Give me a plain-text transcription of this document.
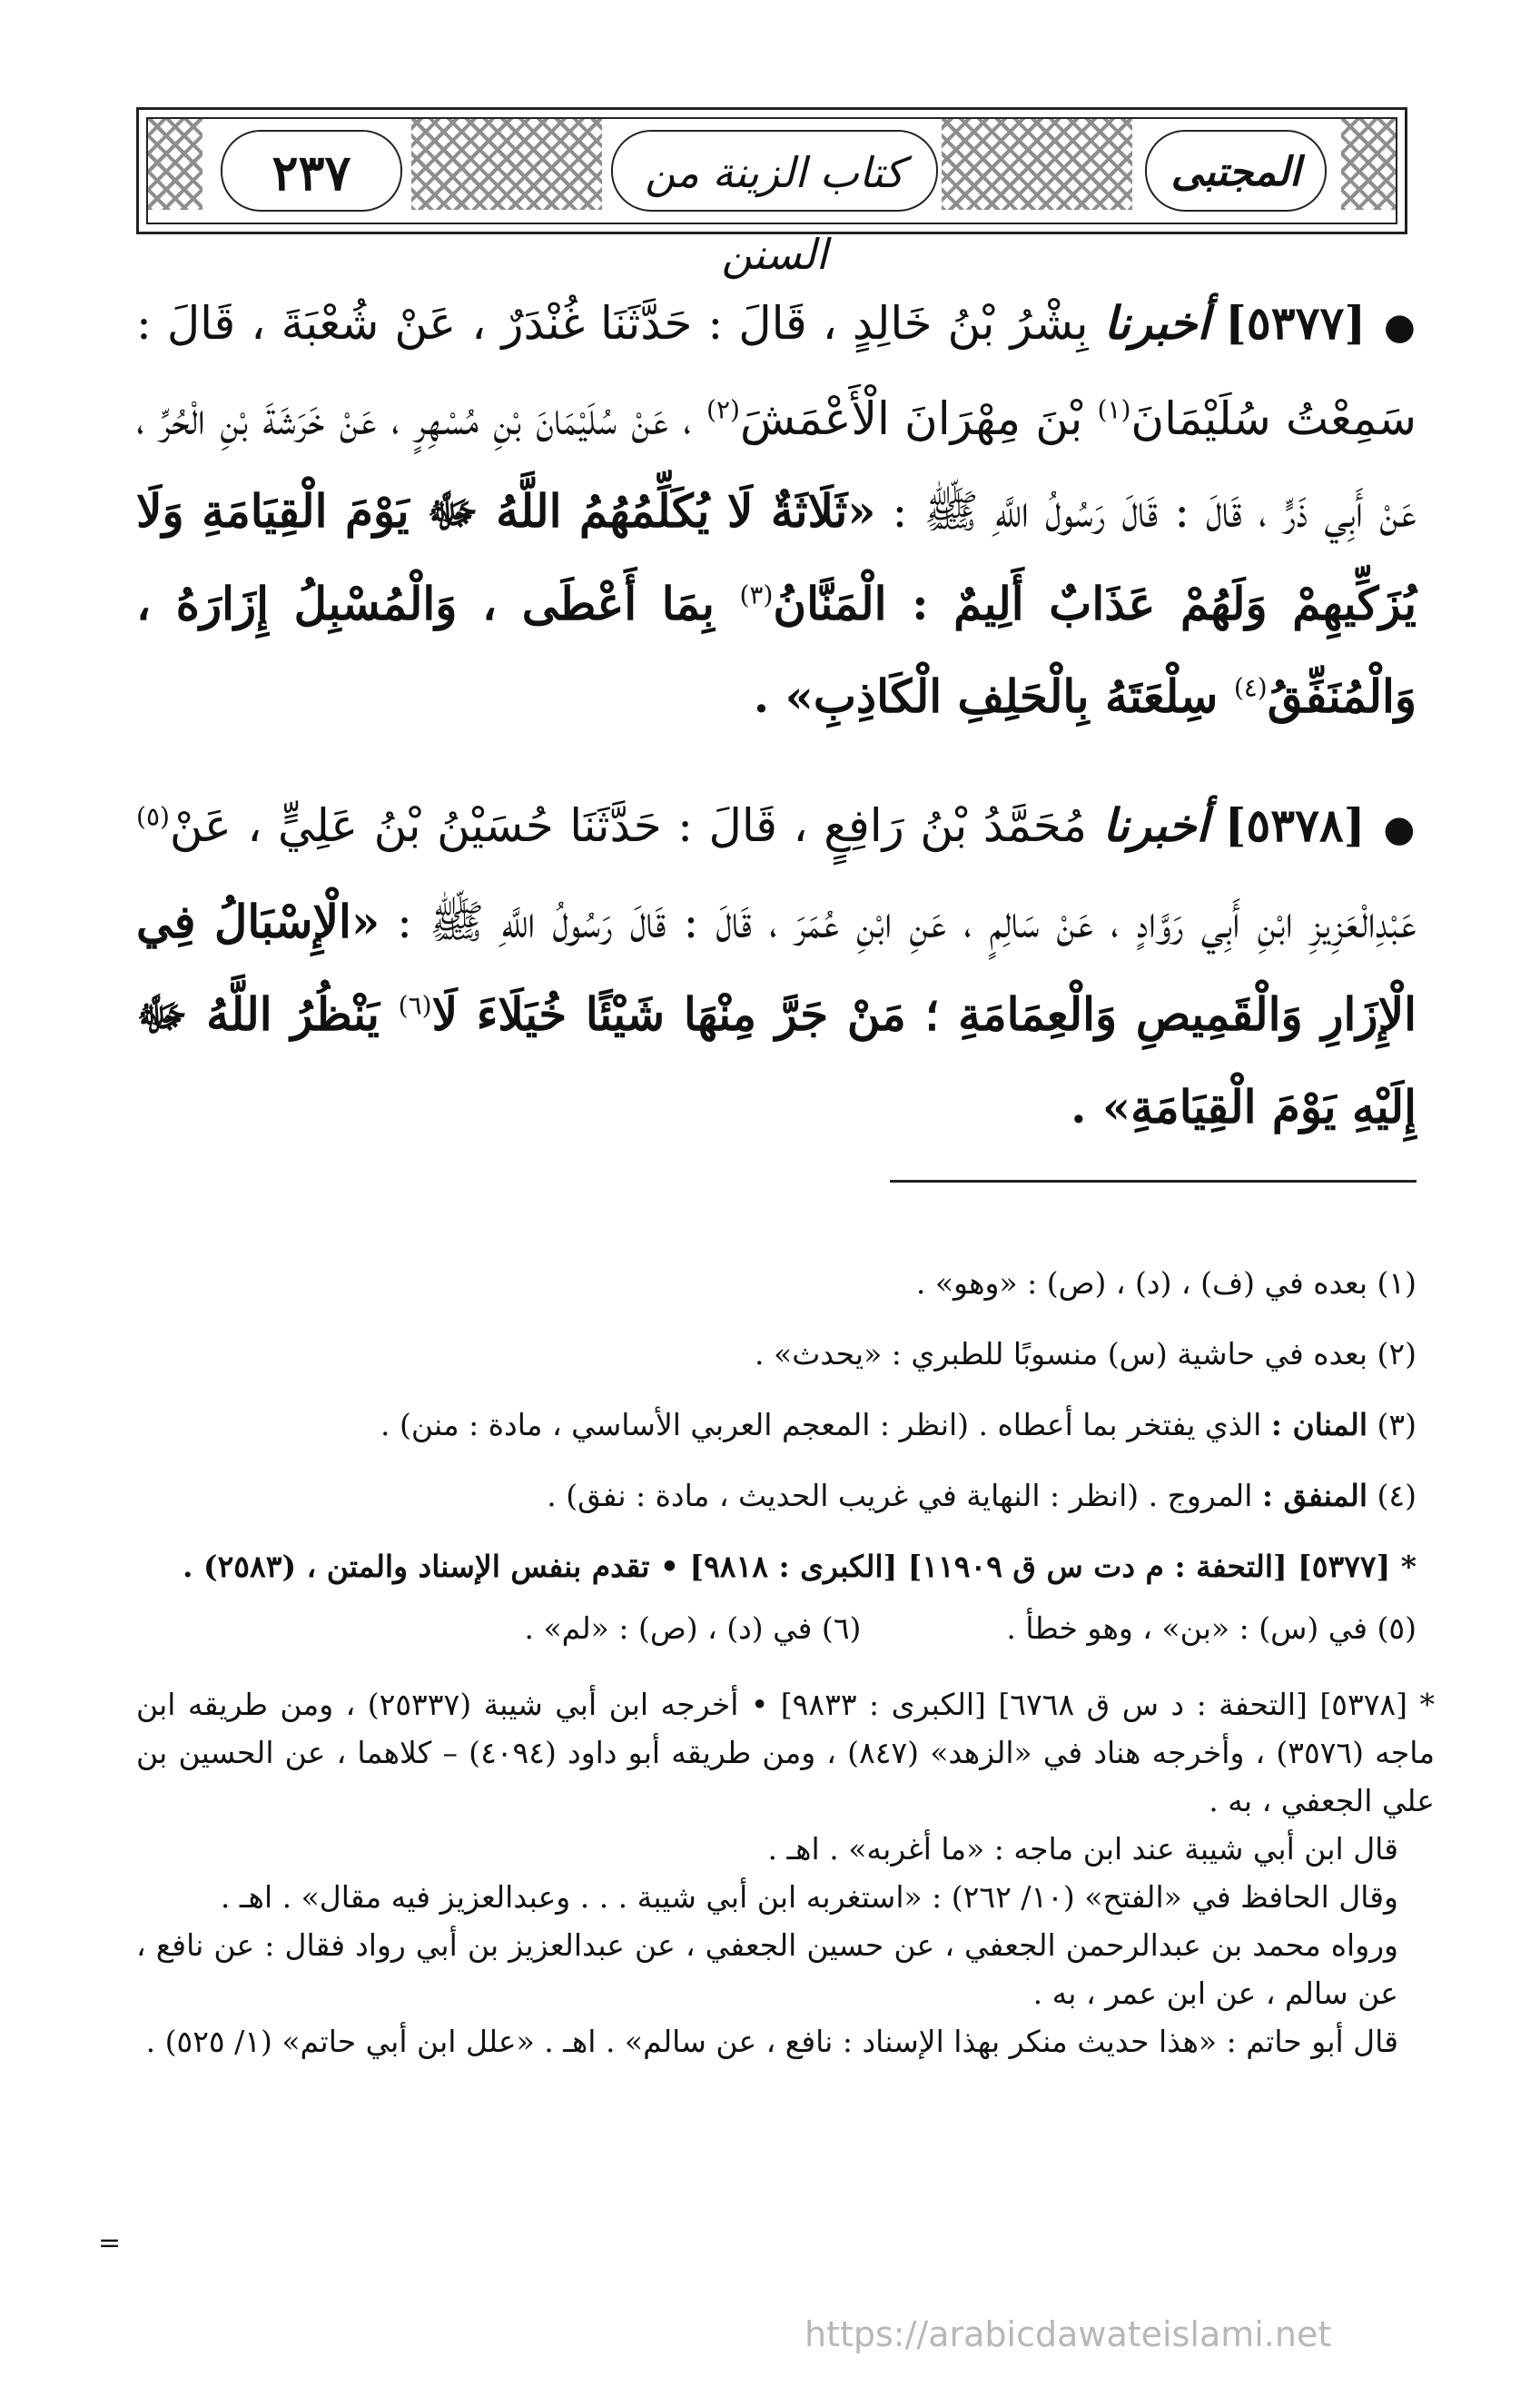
٢٣٧	كتاب الزينة من السنن
المجتبى
●[٥٣٧٧] أخبرنا بِشْرُ بْنُ خَالِدٍ ، قَالَ : حَدَّثَنَا غُنْدَرٌ ، عَنْ شُعْبَةَ ، قَالَ : سَمِعْتُ سُلَيْمَانَ$^{(١)}$ بْنَ مِهْرَانَ الْأَعْمَشَ$^{(٢)}$ ، عَنْ سُلَيْمَانَ بْنِ مُسْهِرٍ ، عَنْ خَرَشَةَ بْنِ الْحُرِّ ، عَنْ أَبِي ذَرٍّ ، قَالَ : قَالَ رَسُولُ اللَّهِ ﷺ : «ثَلَاثَةٌ لَا يُكَلِّمُهُمُ اللَّهُ ﷻ يَوْمَ الْقِيَامَةِ وَلَا يُزَكِّيهِمْ وَلَهُمْ عَذَابٌ أَلِيمٌ : الْمَنَّانُ$^{(٣)}$ بِمَا أَعْطَى ، وَالْمُسْبِلُ إِزَارَهُ ، وَالْمُنَفِّقُ$^{(٤)}$ سِلْعَتَهُ بِالْحَلِفِ الْكَاذِبِ» .
●[٥٣٧٨] أخبرنا مُحَمَّدُ بْنُ رَافِعٍ ، قَالَ : حَدَّثَنَا حُسَيْنُ بْنُ عَلِيٍّ ، عَنْ$^{(٥)}$ عَبْدِالْعَزِيزِ ابْنِ أَبِي رَوَّادٍ ، عَنْ سَالِمٍ ، عَنِ ابْنِ عُمَرَ ، قَالَ : قَالَ رَسُولُ اللَّهِ ﷺ : «الْإِسْبَالُ فِي الْإِزَارِ وَالْقَمِيصِ وَالْعِمَامَةِ ؛ مَنْ جَرَّ مِنْهَا شَيْئًا خُيَلَاءَ لَا$^{(٦)}$ يَنْظُرُ اللَّهُ ﷻ إِلَيْهِ يَوْمَ الْقِيَامَةِ» .
(١) بعده في (ف) ، (د) ، (ص) : «وهو» .
(٢) بعده في حاشية (س) منسوبًا للطبري : «يحدث» .
(٣) المنان : الذي يفتخر بما أعطاه . (انظر : المعجم العربي الأساسي ، مادة : منن) .
(٤) المنفق : المروج . (انظر : النهاية في غريب الحديث ، مادة : نفق) .
* [٥٣٧٧] [التحفة : م دت س ق ١١٩٠٩] [الكبرى : ٩٨١٨] • تقدم بنفس الإسناد والمتن ، (٢٥٨٣) .
(٥) في (س) : «بن» ، وهو خطأ .
(٦) في (د) ، (ص) : «لم» .
* [٥٣٧٨] [التحفة : د س ق ٦٧٦٨] [الكبرى : ٩٨٣٣] • أخرجه ابن أبي شيبة (٢٥٣٣٧) ، ومن طريقه ابن ماجه (٣٥٧٦) ، وأخرجه هناد في «الزهد» (٨٤٧) ، ومن طريقه أبو داود (٤٠٩٤) – كلاهما ، عن الحسين بن علي الجعفي ، به .
قال ابن أبي شيبة عند ابن ماجه : «ما أغربه» . اهـ .
وقال الحافظ في «الفتح» (١٠/ ٢٦٢) : «استغربه ابن أبي شيبة . . . وعبدالعزيز فيه مقال» . اهـ .
ورواه محمد بن عبدالرحمن الجعفي ، عن حسين الجعفي ، عن عبدالعزيز بن أبي رواد فقال : عن نافع ، عن سالم ، عن ابن عمر ، به .
قال أبو حاتم : «هذا حديث منكر بهذا الإسناد : نافع ، عن سالم» . اهـ . «علل ابن أبي حاتم» (١/ ٥٢٥) .
=
https://arabicdawateislami.net
